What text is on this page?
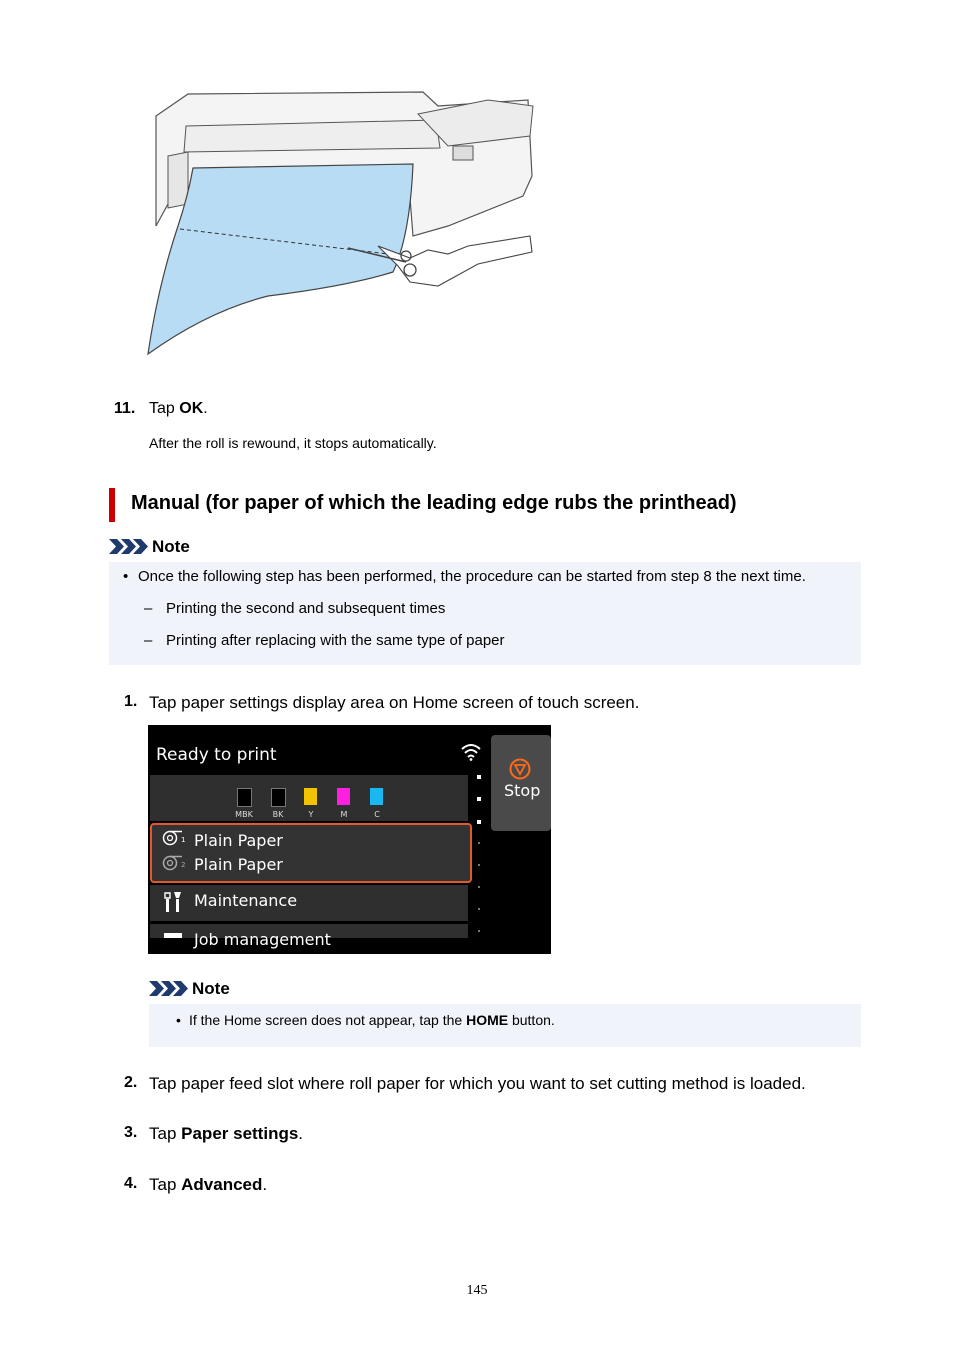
11. Tap OK.
After the roll is rewound, it stops automatically.
Manual (for paper of which the leading edge rubs the printhead)
Note
• Once the following step has been performed, the procedure can be started from step 8 the next time.
– Printing the second and subsequent times
– Printing after replacing with the same type of paper
1. Tap paper settings display area on Home screen of touch screen.
Ready to print
Stop
MBK	BK	Y	M	C
1 Plain Paper
2 Plain Paper
Maintenance
Job management
Note
• If the Home screen does not appear, tap the HOME button.
2. Tap paper feed slot where roll paper for which you want to set cutting method is loaded.
3. Tap Paper settings.
4. Tap Advanced.
145
